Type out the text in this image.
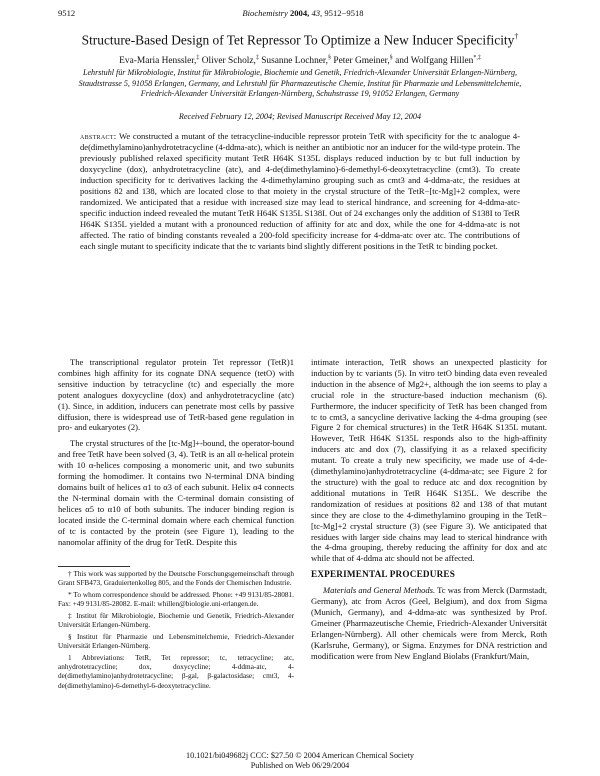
9512	Biochemistry 2004, 43, 9512−9518
Structure-Based Design of Tet Repressor To Optimize a New Inducer Specificity†
Eva-Maria Henssler,‡ Oliver Scholz,‡ Susanne Lochner,§ Peter Gmeiner,§ and Wolfgang Hillen*,‡
Lehrstuhl für Mikrobiologie, Institut für Mikrobiologie, Biochemie und Genetik, Friedrich-Alexander Universität Erlangen-Nürnberg, Staudtstrasse 5, 91058 Erlangen, Germany, and Lehrstuhl für Pharmazeutische Chemie, Institut für Pharmazie und Lebensmittelchemie, Friedrich-Alexander Universität Erlangen-Nürnberg, Schuhstrasse 19, 91052 Erlangen, Germany
Received February 12, 2004; Revised Manuscript Received May 12, 2004
abstract: We constructed a mutant of the tetracycline-inducible repressor protein TetR with specificity for the tc analogue 4-de(dimethylamino)anhydrotetracycline (4-ddma-atc), which is neither an antibiotic nor an inducer for the wild-type protein. The previously published relaxed specificity mutant TetR H64K S135L displays reduced induction by tc but full induction by doxycycline (dox), anhydrotetracycline (atc), and 4-de(dimethylamino)-6-demethyl-6-deoxytetracycline (cmt3). To create induction specificity for tc derivatives lacking the 4-dimethylamino grouping such as cmt3 and 4-ddma-atc, the residues at positions 82 and 138, which are located close to that moiety in the crystal structure of the TetR−[tc-Mg]+2 complex, were randomized. We anticipated that a residue with increased size may lead to sterical hindrance, and screening for 4-ddma-atc-specific induction indeed revealed the mutant TetR H64K S135L S138I. Out of 24 exchanges only the addition of S138I to TetR H64K S135L yielded a mutant with a pronounced reduction of affinity for atc and dox, while the one for 4-ddma-atc is not affected. The ratio of binding constants revealed a 200-fold specificity increase for 4-ddma-atc over atc. The contributions of each single mutant to specificity indicate that the tc variants bind slightly different positions in the TetR tc binding pocket.

The transcriptional regulator protein Tet repressor (TetR)1 combines high affinity for its cognate DNA sequence (tetO) with sensitive induction by tetracycline (tc) and especially the more potent analogues doxycycline (dox) and anhydrotetracycline (atc) (1). Since, in addition, inducers can penetrate most cells by passive diffusion, there is widespread use of TetR-based gene regulation in pro- and eukaryotes (2).

The crystal structures of the [tc-Mg]+-bound, the operator-bound and free TetR have been solved (3, 4). TetR is an all α-helical protein with 10 α-helices composing a monomeric unit, and two subunits forming the homodimer. It contains two N-terminal DNA binding domains built of helices α1 to α3 of each subunit. Helix α4 connects the N-terminal domain with the C-terminal domain consisting of helices α5 to α10 of both subunits. The inducer binding region is located inside the C-terminal domain where each chemical function of tc is contacted by the protein (see Figure 1), leading to the nanomolar affinity of the drug for TetR. Despite this

† This work was supported by the Deutsche Forschungsgemeinschaft through Grant SFB473, Graduiertenkolleg 805, and the Fonds der Chemischen Industrie.

* To whom correspondence should be addressed. Phone: +49 9131/85-28081. Fax: +49 9131/85-28082. E-mail: whillen@biologie.uni-erlangen.de.

‡ Institut für Mikrobiologie, Biochemie und Genetik, Friedrich-Alexander Universität Erlangen-Nürnberg.

§ Institut für Pharmazie und Lebensmittelchemie, Friedrich-Alexander Universität Erlangen-Nürnberg.

1 Abbreviations: TetR, Tet repressor; tc, tetracycline; atc, anhydrotetracycline; dox, doxycycline; 4-ddma-atc, 4-de(dimethylamino)anhydrotetracycline; β-gal, β-galactosidase; cmt3, 4-de(dimethylamino)-6-demethyl-6-deoxytetracycline.

intimate interaction, TetR shows an unexpected plasticity for induction by tc variants (5). In vitro tetO binding data even revealed induction in the absence of Mg2+, although the ion seems to play a crucial role in the structure-based induction mechanism (6). Furthermore, the inducer specificity of TetR has been changed from tc to cmt3, a sancycline derivative lacking the 4-dma grouping (see Figure 2 for chemical structures) in the TetR H64K S135L mutant. However, TetR H64K S135L responds also to the high-affinity inducers atc and dox (7), classifying it as a relaxed specificity mutant. To create a truly new specificity, we made use of 4-de-(dimethylamino)anhydrotetracycline (4-ddma-atc; see Figure 2 for the structure) with the goal to reduce atc and dox recognition by additional mutations in TetR H64K S135L. We describe the randomization of residues at positions 82 and 138 of that mutant since they are close to the 4-dimethylamino grouping in the TetR−[tc-Mg]+2 crystal structure (3) (see Figure 3). We anticipated that residues with larger side chains may lead to sterical hindrance with the 4-dma grouping, thereby reducing the affinity for dox and atc while that of 4-ddma atc should not be affected.

EXPERIMENTAL PROCEDURES

Materials and General Methods. Tc was from Merck (Darmstadt, Germany), atc from Acros (Geel, Belgium), and dox from Sigma (Munich, Germany), and 4-ddma-atc was synthesized by Prof. Gmeiner (Pharmazeutische Chemie, Friedrich-Alexander Universität Erlangen-Nürnberg). All other chemicals were from Merck, Roth (Karlsruhe, Germany), or Sigma. Enzymes for DNA restriction and modification were from New England Biolabs (Frankfurt/Main,

10.1021/bi049682j CCC: $27.50 © 2004 American Chemical Society
Published on Web 06/29/2004
